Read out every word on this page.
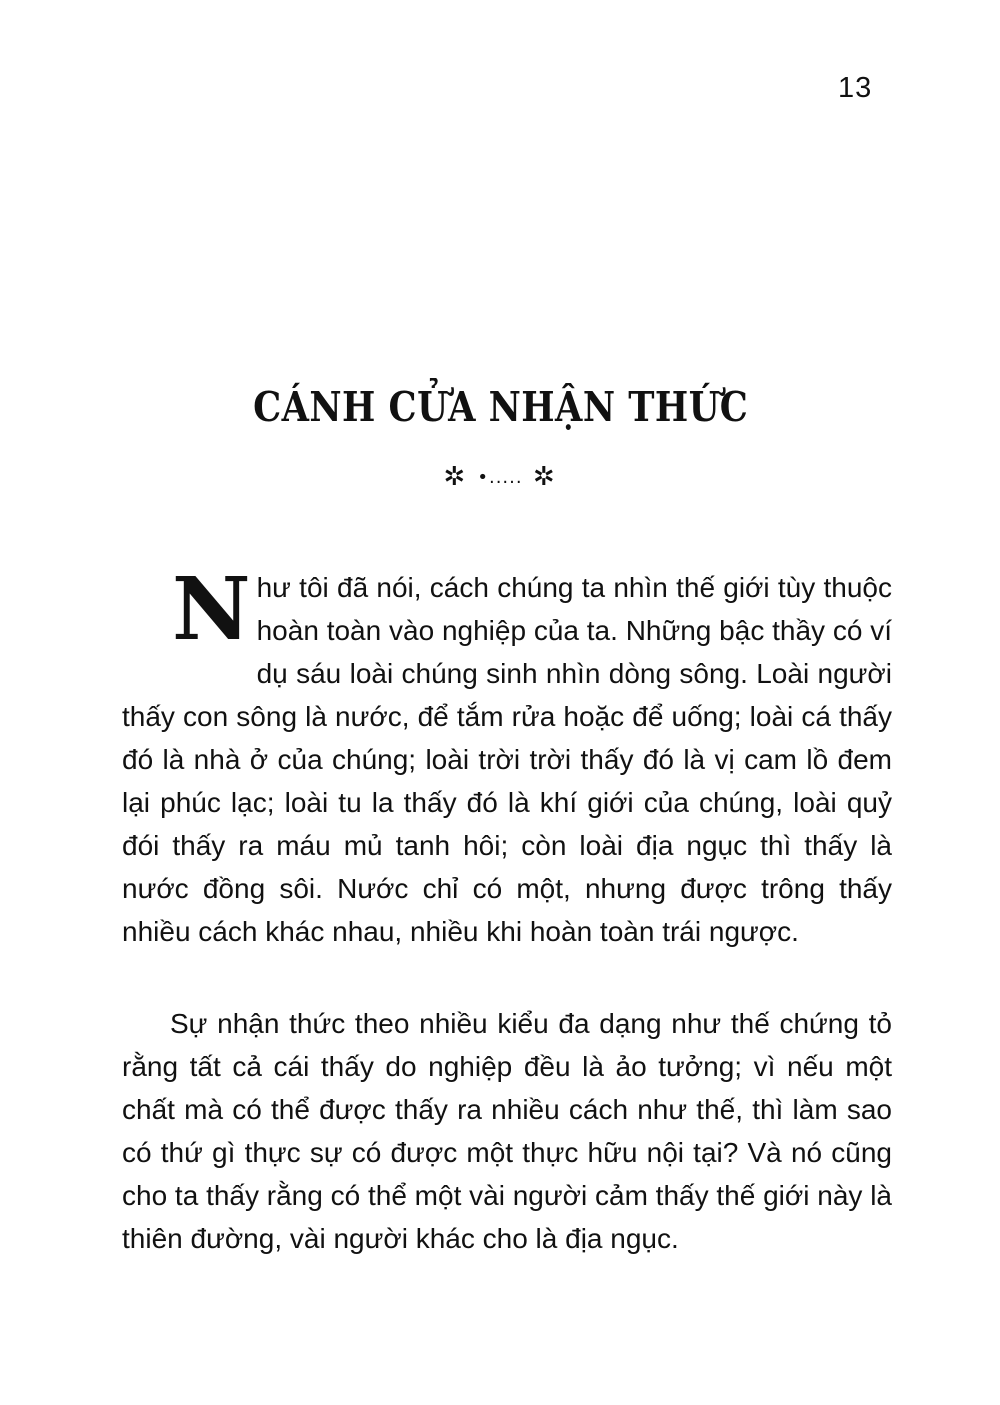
13
CÁNH CỬA NHẬN THỨC
✲ •..... ✲
Như tôi đã nói, cách chúng ta nhìn thế giới tùy thuộc hoàn toàn vào nghiệp của ta. Những bậc thầy có ví dụ sáu loài chúng sinh nhìn dòng sông. Loài người thấy con sông là nước, để tắm rửa hoặc để uống; loài cá thấy đó là nhà ở của chúng; loài trời trời thấy đó là vị cam lồ đem lại phúc lạc; loài tu la thấy đó là khí giới của chúng, loài quỷ đói thấy ra máu mủ tanh hôi; còn loài địa ngục thì thấy là nước đồng sôi. Nước chỉ có một, nhưng được trông thấy nhiều cách khác nhau, nhiều khi hoàn toàn trái ngược.
Sự nhận thức theo nhiều kiểu đa dạng như thế chứng tỏ rằng tất cả cái thấy do nghiệp đều là ảo tưởng; vì nếu một chất mà có thể được thấy ra nhiều cách như thế, thì làm sao có thứ gì thực sự có được một thực hữu nội tại? Và nó cũng cho ta thấy rằng có thể một vài người cảm thấy thế giới này là thiên đường, vài người khác cho là địa ngục.
